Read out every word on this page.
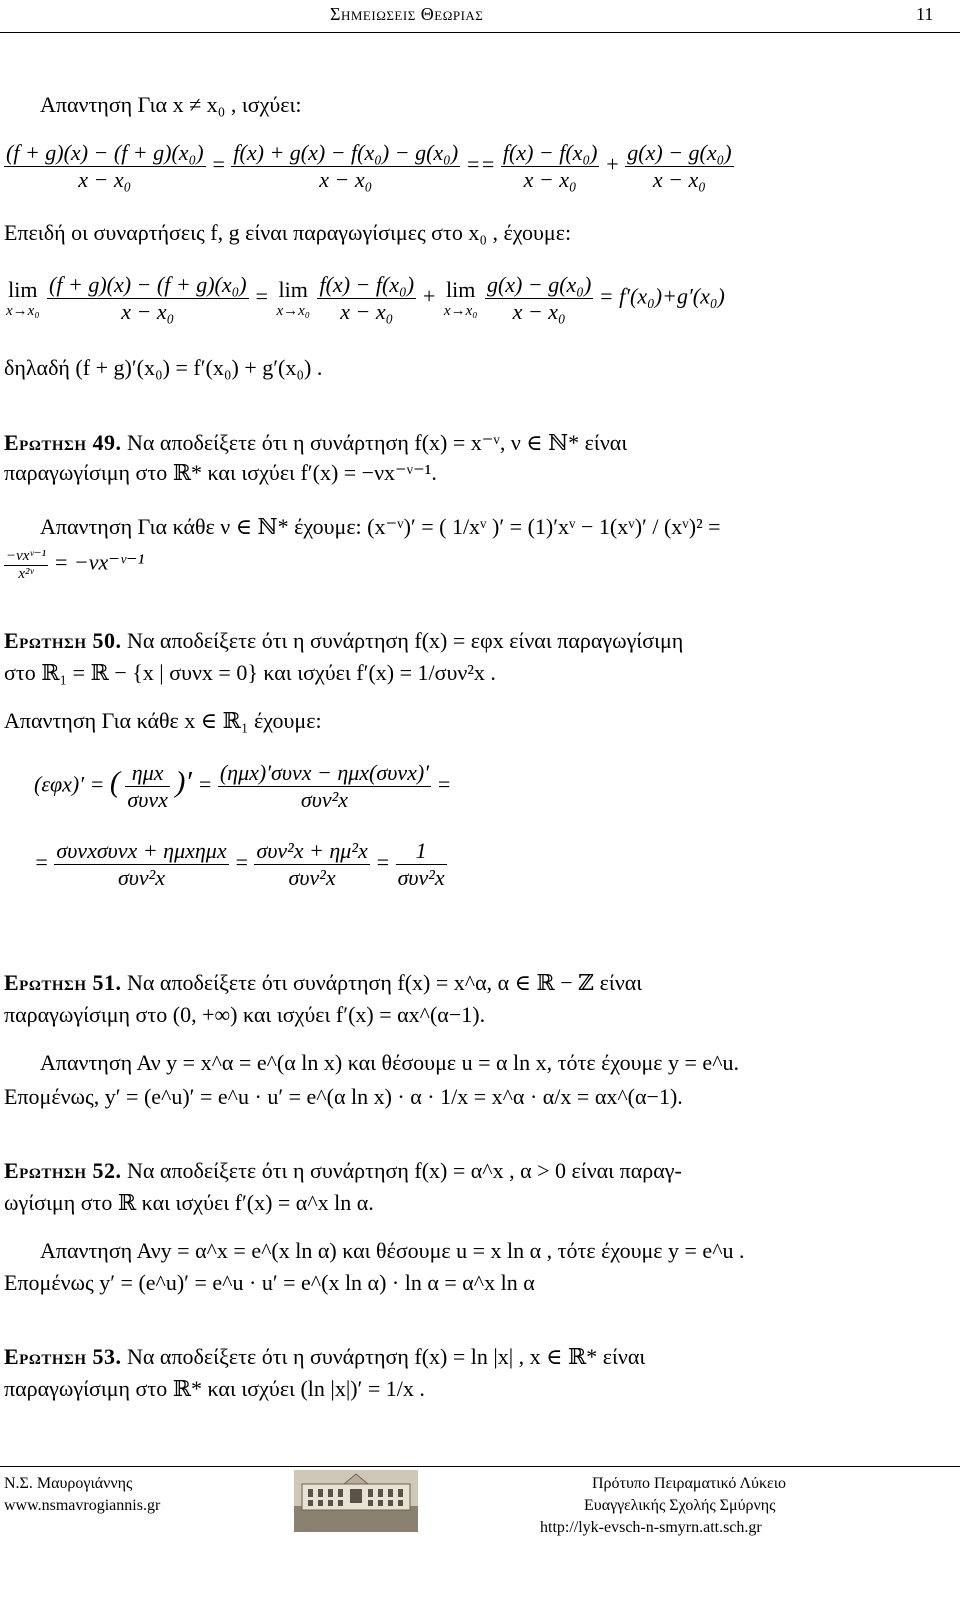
Σημειωσεισ Θεωριασ	11
Απαντηση Για x ≠ x₀ , ισχύει:
$\frac{\text{(f + g)(x) − (f + g)(x₀)}}{\text{x − x₀}} = \frac{\text{f(x) + g(x) − f(x₀) − g(x₀)}}{\text{x − x₀}} == \frac{\text{f(x) − f(x₀)}}{\text{x − x₀}} + \frac{\text{g(x) − g(x₀)}}{\text{x − x₀}}$
Επειδή οι συναρτήσεις f, g είναι παραγωγίσιμες στο x₀ , έχουμε:
lim
x→x₀
$\frac{\text{(f + g)(x) − (f + g)(x₀)}}{\text{x − x₀}} = \lim$
x→x₀
$\frac{\text{f(x) − f(x₀)}}{\text{x − x₀}} + \lim$
x→x₀
$\frac{\text{g(x) − g(x₀)}}{\text{x − x₀}} = f'(x_0)+g'(x_0)$
δηλαδή (f + g)′(x₀) = f′(x₀) + g′(x₀) .
Ερωτηση 49. Να αποδείξετε ότι η συνάρτηση f(x) = x⁻ᵛ, ν ∈ ℕ* είναι
παραγωγίσιμη στο ℝ* και ισχύει f′(x) = −νx⁻ᵛ⁻¹.
Απαντηση Για κάθε ν ∈ ℕ* έχουμε: (x⁻ᵛ)′ = ( 1/xᵛ )′ = (1)′xᵛ − 1(xᵛ)′ / (xᵛ)² =
$\frac{\text{−νxᵛ⁻¹}}{\text{x²ᵛ}}$ = −νx⁻ᵛ⁻¹
Ερωτηση 50. Να αποδείξετε ότι η συνάρτηση f(x) = εφx είναι παραγωγίσιμη
στο ℝ₁ = ℝ − {x | συνx = 0} και ισχύει f′(x) = 1/συν²x .
Απαντηση Για κάθε x ∈ ℝ₁ έχουμε:
(εφx)′ = ( $\frac{\text{ημx}}{\text{συνx}}$ )′ = $\frac{\text{(ημx)′συνx − ημx(συνx)′}}{\text{συν²x}}$ =
= $\frac{\text{συνxσυνx + ημxημx}}{\text{συν²x}} = \frac{\text{συν²x + ημ²x}}{\text{συν²x}} = \frac{1}{\text{συν²x}}$
Ερωτηση 51. Να αποδείξετε ότι συνάρτηση f(x) = x^α, α ∈ ℝ − ℤ είναι
παραγωγίσιμη στο (0, +∞) και ισχύει f′(x) = αx^(α−1).
Απαντηση Αν y = x^α = e^(α ln x) και θέσουμε u = α ln x, τότε έχουμε y = e^u.
Επομένως, y′ = (e^u)′ = e^u · u′ = e^(α ln x) · α · 1/x = x^α · α/x = αx^(α−1).
Ερωτηση 52. Να αποδείξετε ότι η συνάρτηση f(x) = α^x , α > 0 είναι παραγ-
ωγίσιμη στο ℝ και ισχύει f′(x) = α^x ln α.
Απαντηση Ανy = α^x = e^(x ln α) και θέσουμε u = x ln α , τότε έχουμε y = e^u .
Επομένως y′ = (e^u)′ = e^u · u′ = e^(x ln α) · ln α = α^x ln α
Ερωτηση 53. Να αποδείξετε ότι η συνάρτηση f(x) = ln |x| , x ∈ ℝ* είναι
παραγωγίσιμη στο ℝ* και ισχύει (ln |x|)′ = 1/x .
Ν.Σ. Μαυρογιάννης
www.nsmavrogiannis.gr
Πρότυπο Πειραματικό Λύκειο
Ευαγγελικής Σχολής Σμύρνης
http://lyk-evsch-n-smyrn.att.sch.gr
